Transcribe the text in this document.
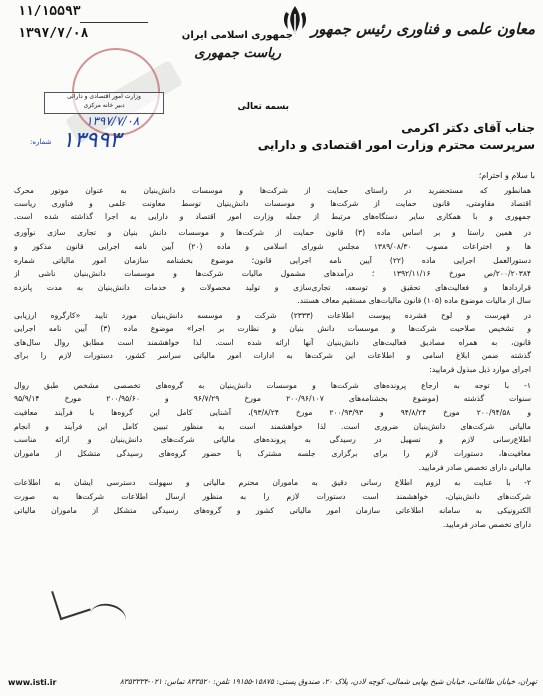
جمهوری اسلامی ایران
ریاست جمهوری
معاون علمی و فناوری رئیس جمهور
۱۱/۱۵۵۹۳
۱۳۹۷/۷/۰۸
وزارت امور اقتصادی و دارائی
دبیر خانه مرکزی
۱۳۹۷/۷/۰۸
شماره: ۱۳۹۹۳
بسمه تعالی
جناب آقای دکتر اکرمی
سرپرست محترم وزارت امور اقتصادی و دارایی
با سلام و احترام؛
همانطور که مستحضرید در راستای حمایت از شرکت‌ها و موسسات دانش‌بنیان به عنوان موتور محرک
اقتصاد مقاومتی، قانون حمایت از شرکت‌ها و موسسات دانش‌بنیان توسط معاونت علمی و فناوری ریاست
جمهوری و با همکاری سایر دستگاه‌های مرتبط از جمله وزارت امور اقتصاد و دارایی به اجرا گذاشته شده است.
در همین راستا و بر اساس ماده (۳) قانون حمایت از شرکت‌ها و موسسات دانش بنیان و تجاری سازی نوآوری
ها و اختراعات مصوب ۱۳۸۹/۰۸/۳۰ مجلس شورای اسلامی و ماده (۲۰) آیین نامه اجرایی قانون مذکور و
دستورالعمل اجرایی ماده (۲۲) آیین نامه اجرایی قانون؛ موضوع بخشنامه سازمان امور مالیاتی شماره
۲۰۰/۲۰۳۸۴/ص مورخ ۱۳۹۲/۱۱/۱۶ ؛ درآمدهای مشمول مالیات شرکت‌ها و موسسات دانش‌بنیان ناشی از
قراردادها و فعالیت‌های تحقیق و توسعه، تجاری‌سازی و تولید محصولات و خدمات دانش‌بنیان به مدت پانزده
سال از مالیات موضوع ماده (۱۰۵) قانون مالیات‌های مستقیم معاف هستند.
در فهرست و لوح فشرده پیوست اطلاعات (۲۳۳۳) شرکت و موسسه دانش‌بنیان مورد تایید «کارگروه ارزیابی
و تشخیص صلاحیت شرکت‌ها و موسسات دانش بنیان و نظارت بر اجرا» موضوع ماده (۳) آیین نامه اجرایی
قانون، به همراه مصادیق فعالیت‌های دانش‌بنیان آنها ارائه شده است. لذا خواهشمند است مطابق روال سال‌های
گذشته ضمن ابلاغ اسامی و اطلاعات این شرکت‌ها به ادارات امور مالیاتی سراسر کشور، دستورات لازم را برای
اجرای موارد ذیل مبذول فرمایید:
۱- با توجه به ارجاع پرونده‌های شرکت‌ها و موسسات دانش‌بنیان به گروه‌های تخصصی مشخص طبق روال
سنوات گذشته (موضوع بخشنامه‌های ۲۰۰/۹۶/۱۰۷ مورخ ۹۶/۷/۲۹ و ۲۰۰/۹۵/۶۰ مورخ ۹۵/۹/۱۴
و ۲۰۰/۹۴/۵۸ مورخ ۹۴/۸/۲۴ و ۲۰۰/۹۳/۹۳ مورخ ۹۳/۸/۲۴)، آشنایی کامل این گروه‌ها با فرآیند معافیت
مالیاتی شرکت‌های دانش‌بنیان ضروری است. لذا خواهشمند است به منظور تبیین کامل این فرآیند و انجام
اطلاع‌رسانی لازم و تسهیل در رسیدگی به پرونده‌های مالیاتی شرکت‌های دانش‌بنیان و ارائه مناسب
معافیت‌ها، دستورات لازم را برای برگزاری جلسه مشترک با حضور گروه‌های رسیدگی متشکل از ماموران
مالیاتی دارای تخصص صادر فرمایید.
۲- با عنایت به لزوم اطلاع رسانی دقیق به ماموران محترم مالیاتی و سهولت دسترسی ایشان به اطلاعات
شرکت‌های دانش‌بنیان، خواهشمند است دستورات لازم را به منظور ارسال اطلاعات شرکت‌ها به صورت
الکترونیکی به سامانه اطلاعاتی سازمان امور مالیاتی کشور و گروه‌های رسیدگی متشکل از ماموران مالیاتی
دارای تخصص صادر فرمایید.
تهران، خیابان طالقانی، خیابان شیخ بهایی شمالی، کوچه لادن، پلاک ۲۰، صندوق پستی: ۱۵۸۷۵-۱۹۱۵۵ تلفن: ۸۴۳۵۲۰ تماس: ۰۲۱-۸۳۵۳۳۳۴
www.isti.ir
